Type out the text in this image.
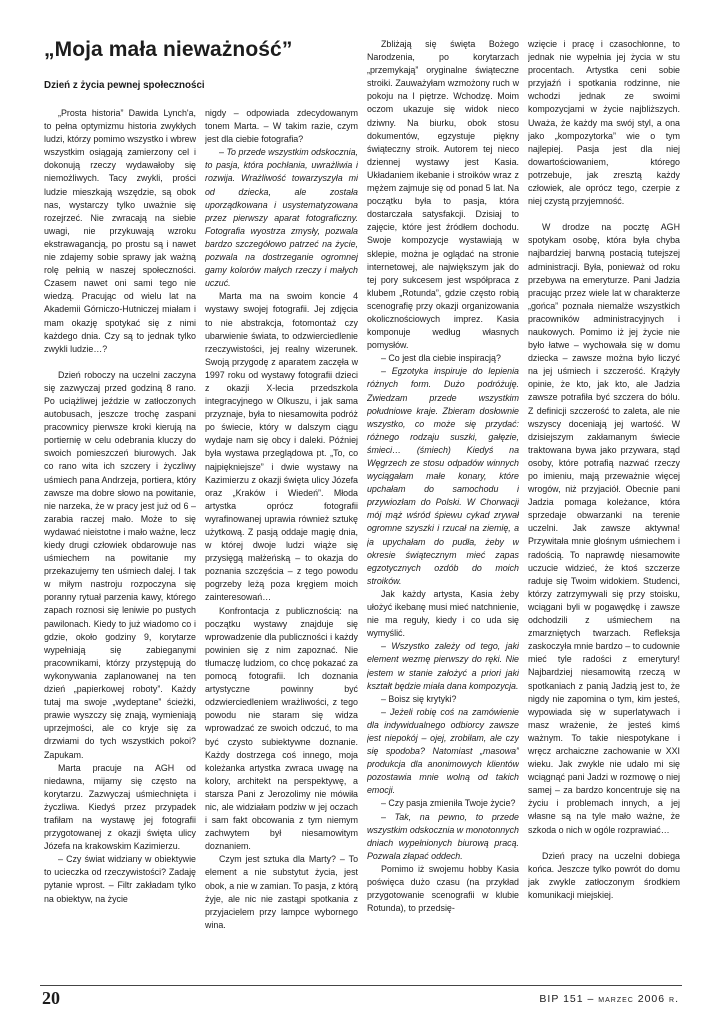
„Moja mała nieważność”
Dzień z życia pewnej społeczności

„Prosta historia” Dawida Lynch'a, to pełna optymizmu historia zwykłych ludzi, którzy pomimo wszystko i wbrew wszystkim osiągają zamierzony cel i dokonują rzeczy wydawałoby się niemożliwych. Tacy zwykli, prości ludzie mieszkają wszędzie, są obok nas, wystarczy tylko uważnie się rozejrzeć. Nie zwracają na siebie uwagi, nie przykuwają wzroku ekstrawagancją, po prostu są i nawet nie zdajemy sobie sprawy jak ważną rolę pełnią w naszej społeczności. Czasem nawet oni sami tego nie wiedzą. Pracując od wielu lat na Akademii Górniczo-Hutniczej miałam i mam okazję spotykać się z nimi każdego dnia. Czy są to jednak tylko zwykli ludzie…?

Dzień roboczy na uczelni zaczyna się zazwyczaj przed godziną 8 rano. Po uciążliwej jeździe w zatłoczonych autobusach, jeszcze trochę zaspani pracownicy pierwsze kroki kierują na portiernię w celu odebrania kluczy do swoich pomieszczeń biurowych. Jak co rano wita ich szczery i życzliwy uśmiech pana Andrzeja, portiera, który zawsze ma dobre słowo na powitanie, nie narzeka, że w pracy jest już od 6 – zarabia raczej mało. Może to się wydawać nieistotne i mało ważne, lecz kiedy drugi człowiek obdarowuje nas uśmiechem na powitanie my przekazujemy ten uśmiech dalej. I tak w miłym nastroju rozpoczyna się poranny rytuał parzenia kawy, którego zapach roznosi się leniwie po pustych pawilonach. Kiedy to już wiadomo co i gdzie, około godziny 9, korytarze wypełniają się zabieganymi pracownikami, którzy przystępują do wykonywania zaplanowanej na ten dzień „papierkowej roboty”. Każdy tutaj ma swoje „wydeptane” ścieżki, prawie wyszczy się znają, wymieniają uprzejmości, ale co kryje się za drzwiami do tych wszystkich pokoi? Zapukam.

Marta pracuje na AGH od niedawna, mijamy się często na korytarzu. Zazwyczaj uśmiechnięta i życzliwa. Kiedyś przez przypadek trafiłam na wystawę jej fotografii przygotowanej z okazji święta ulicy Józefa na krakowskim Kazimierzu.

– Czy świat widziany w obiektywie to ucieczka od rzeczywistości? Zadaję pytanie wprost. – Filtr zakładam tylko na obiektyw, na życie

nigdy – odpowiada zdecydowanym tonem Marta. – W takim razie, czym jest dla ciebie fotografia?

– To przede wszystkim odskocznia, to pasja, która pochłania, uwrażliwia i rozwija. Wrażliwość towarzyszyła mi od dziecka, ale została uporządkowana i usystematyzowana przez pierwszy aparat fotograficzny. Fotografia wyostrza zmysły, pozwala bardzo szczegółowo patrzeć na życie, pozwala na dostrzeganie ogromnej gamy kolorów małych rzeczy i małych uczuć.

Marta ma na swoim koncie 4 wystawy swojej fotografii. Jej zdjęcia to nie abstrakcja, fotomontaż czy ubarwienie świata, to odzwierciedlenie rzeczywistości, jej realny wizerunek. Swoją przygodę z aparatem zaczęła w 1997 roku od wystawy fotografii dzieci z okazji X-lecia przedszkola integracyjnego w Olkuszu, i jak sama przyznaje, była to niesamowita podróż po świecie, który w dalszym ciągu wydaje nam się obcy i daleki. Później była wystawa przeglądowa pt. „To, co najpiękniejsze” i dwie wystawy na Kazimierzu z okazji święta ulicy Józefa oraz „Kraków i Wiedeń”. Młoda artystka oprócz fotografii wyrafinowanej uprawia również sztukę użytkową. Z pasją oddaje magię dnia, w której dwoje ludzi wiąże się przysięgą małżeńską – to okazja do poznania szczęścia – z tego powodu pogrzeby leżą poza kręgiem moich zainteresowań…

Konfrontacja z publicznością: na początku wystawy znajduje się wprowadzenie dla publiczności i każdy powinien się z nim zapoznać. Nie tłumaczę ludziom, co chcę pokazać za pomocą fotografii. Ich doznania artystyczne powinny być odzwierciedleniem wrażliwości, z tego powodu nie staram się widza wprowadzać ze swoich odczuć, to ma być czysto subiektywne doznanie. Każdy dostrzega coś innego, moja koleżanka artystka zwraca uwagę na kolory, architekt na perspektywę, a starsza Pani z Jerozolimy nie mówiła nic, ale widziałam podziw w jej oczach i sam fakt obcowania z tym niemym zachwytem był niesamowitym doznaniem.

Czym jest sztuka dla Marty? – To element a nie substytut życia, jest obok, a nie w zamian. To pasja, z którą żyje, ale nic nie zastąpi spotkania z przyjacielem przy lampce wybornego wina.

Zbliżają się święta Bożego Narodzenia, po korytarzach „przemykają” oryginalne świąteczne stroiki. Zauważyłam wzmożony ruch w pokoju na I piętrze. Wchodzę. Moim oczom ukazuje się widok nieco dziwny. Na biurku, obok stosu dokumentów, egzystuje piękny świąteczny stroik. Autorem tej nieco dziennej wystawy jest Kasia. Układaniem ikebanie i stroików wraz z mężem zajmuje się od ponad 5 lat. Na początku była to pasja, która dostarczała satysfakcji. Dzisiaj to zajęcie, które jest źródłem dochodu. Swoje kompozycje wystawiają w sklepie, można je oglądać na stronie internetowej, ale największym jak do tej pory sukcesem jest współpraca z klubem „Rotunda”, gdzie często robią scenografię przy okazji organizowania okolicznościowych imprez. Kasia komponuje według własnych pomysłów.

– Co jest dla ciebie inspiracją?

– Egzotyka inspiruje do lepienia różnych form. Dużo podróżuję. Zwiedzam przede wszystkim południowe kraje. Zbieram dosłownie wszystko, co może się przydać: różnego rodzaju suszki, gałęzie, śmieci… (śmiech) Kiedyś na Węgrzech ze stosu odpadów winnych wyciągałam małe konary, które upchałam do samochodu i przywiozłam do Polski. W Chorwacji mój mąż wśród śpiewu cykad zrywał ogromne szyszki i rzucał na ziemię, a ja upychałam do pudła, żeby w okresie świątecznym mieć zapas egzotycznych ozdób do moich stroików.

Jak każdy artysta, Kasia żeby ułożyć ikebanę musi mieć natchnienie, nie ma reguły, kiedy i co uda się wymyślić.

– Wszystko zależy od tego, jaki element wezmę pierwszy do ręki. Nie jestem w stanie założyć a priori jaki kształt będzie miała dana kompozycja.

– Boisz się krytyki?

– Jeżeli robię coś na zamówienie dla indywidualnego odbiorcy zawsze jest niepokój – ojej, zrobiłam, ale czy się spodoba? Natomiast „masowa” produkcja dla anonimowych klientów pozostawia mnie wolną od takich emocji.

– Czy pasja zmieniła Twoje życie?

– Tak, na pewno, to przede wszystkim odskocznia w monotonnych dniach wypełnionych biurową pracą. Pozwala złapać oddech.

Pomimo iż swojemu hobby Kasia poświęca dużo czasu (na przykład przygotowanie scenografii w klubie Rotunda), to przedsię-

wzięcie i pracę i czasochłonne, to jednak nie wypełnia jej życia w stu procentach. Artystka ceni sobie przyjaźń i spotkania rodzinne, nie wchodzi jednak ze swoimi kompozycjami w życie najbliższych. Uważa, że każdy ma swój styl, a ona jako „kompozytorka” wie o tym najlepiej. Pasja jest dla niej dowartościowaniem, którego potrzebuje, jak zresztą każdy człowiek, ale oprócz tego, czerpie z niej czystą przyjemność.

W drodze na pocztę AGH spotykam osobę, która była chyba najbardziej barwną postacią tutejszej administracji. Była, ponieważ od roku przebywa na emeryturze. Pani Jadzia pracując przez wiele lat w charakterze „gońca” poznała niemalże wszystkich pracowników administracyjnych i naukowych. Pomimo iż jej życie nie było łatwe – wychowała się w domu dziecka – zawsze można było liczyć na jej uśmiech i szczerość. Krążyły opinie, że kto, jak kto, ale Jadzia zawsze potrafiła być szczera do bólu. Z definicji szczerość to zaleta, ale nie wszyscy doceniają jej wartość. W dzisiejszym zakłamanym świecie traktowana bywa jako przywara, stąd osoby, które potrafią nazwać rzeczy po imieniu, mają przeważnie więcej wrogów, niż przyjaciół. Obecnie pani Jadzia pomaga koleżance, która sprzedaje obwarzanki na terenie uczelni. Jak zawsze aktywna! Przywitała mnie głośnym uśmiechem i radością. To naprawdę niesamowite uczucie widzieć, że ktoś szczerze raduje się Twoim widokiem. Studenci, którzy zatrzymywali się przy stoisku, wciągani byli w pogawędkę i zawsze odchodzili z uśmiechem na zmarzniętych twarzach. Refleksja zaskoczyła mnie bardzo – to cudownie mieć tyle radości z emerytury! Najbardziej niesamowitą rzeczą w spotkaniach z panią Jadzią jest to, że nigdy nie zapomina o tym, kim jesteś, wypowiada się w superlatywach i masz wrażenie, że jesteś kimś ważnym. To takie niespotykane i wręcz archaiczne zachowanie w XXI wieku. Jak zwykle nie udało mi się wciągnąć pani Jadzi w rozmowę o niej samej – za bardzo koncentruje się na życiu i problemach innych, a jej własne są na tyle mało ważne, że szkoda o nich w ogóle rozprawiać…

Dzień pracy na uczelni dobiega końca. Jeszcze tylko powrót do domu jak zwykle zatłoczonym środkiem komunikacji miejskiej.

20	BIP 151 – marzec 2006 r.
